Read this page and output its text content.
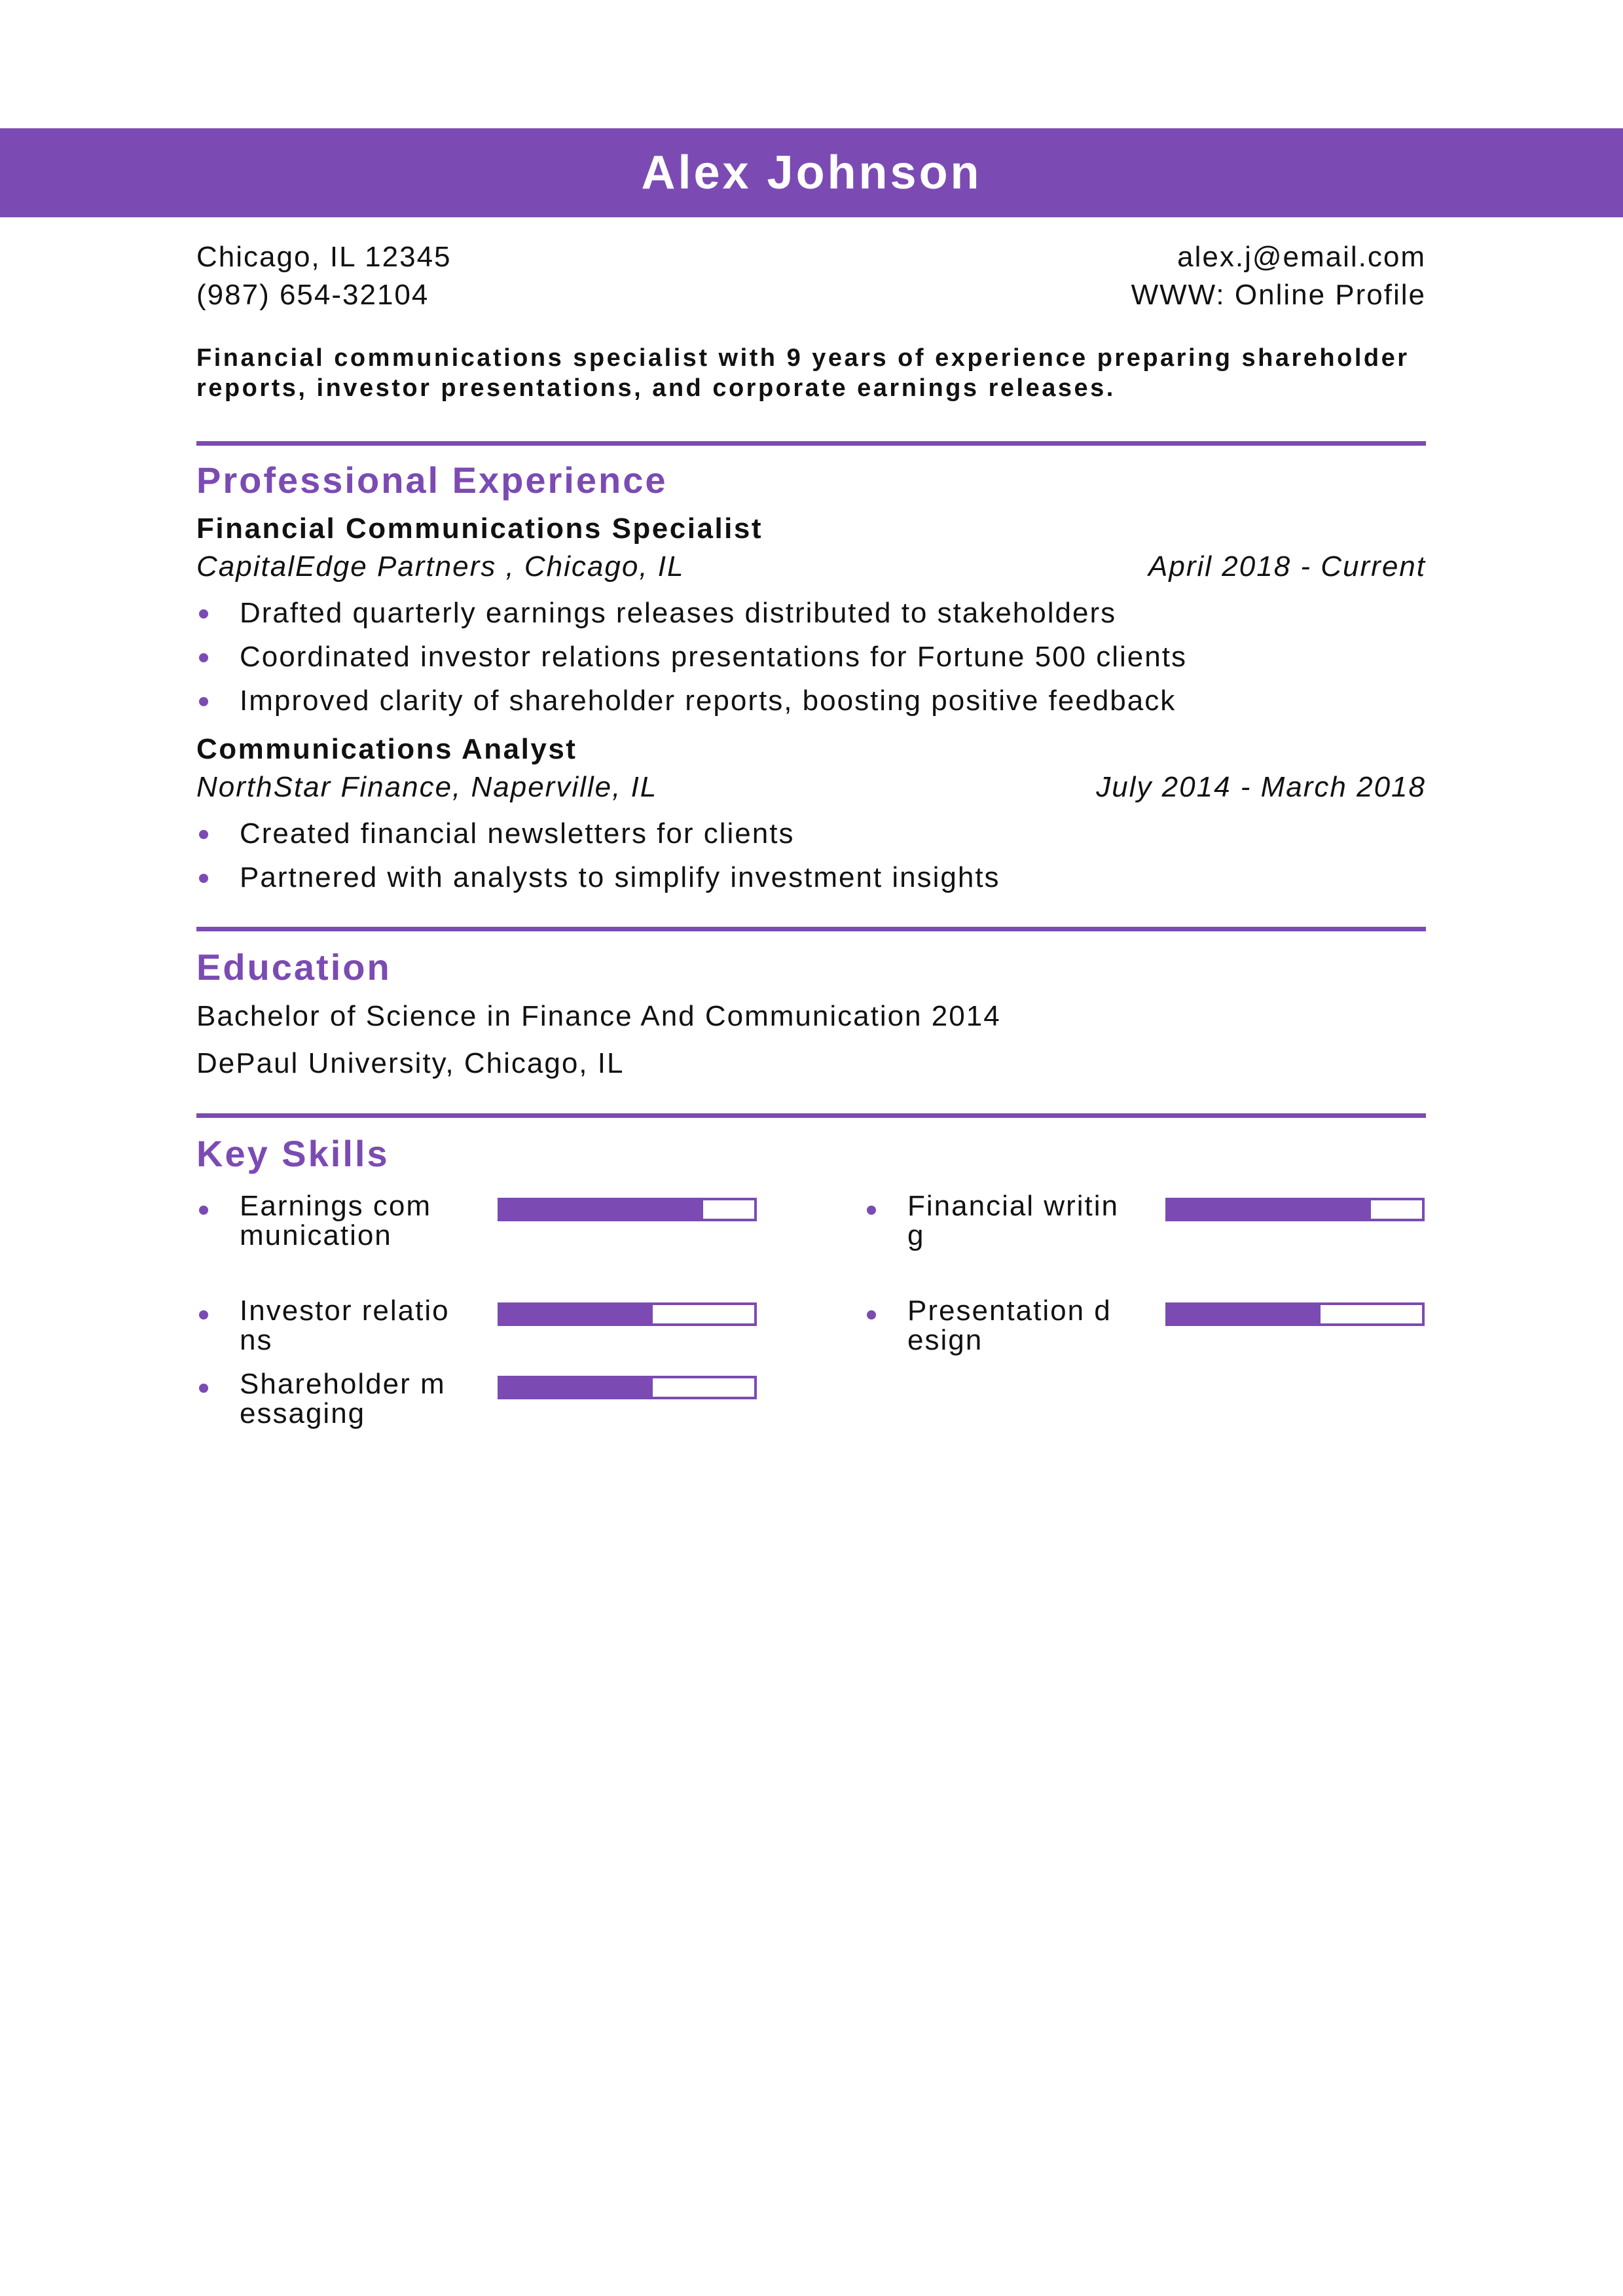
Alex Johnson
Chicago, IL 12345	alex.j@email.com
(987) 654-32104	WWW: Online Profile
Financial communications specialist with 9 years of experience preparing shareholder reports, investor presentations, and corporate earnings releases.
Professional Experience
Financial Communications Specialist
CapitalEdge Partners , Chicago, IL	April 2018 - Current
Drafted quarterly earnings releases distributed to stakeholders
Coordinated investor relations presentations for Fortune 500 clients
Improved clarity of shareholder reports, boosting positive feedback
Communications Analyst
NorthStar Finance, Naperville, IL	July 2014 - March 2018
Created financial newsletters for clients
Partnered with analysts to simplify investment insights
Education
Bachelor of Science in Finance And Communication 2014
DePaul University, Chicago, IL
Key Skills
Earnings communication
Financial writing
Investor relations
Presentation design
Shareholder messaging
